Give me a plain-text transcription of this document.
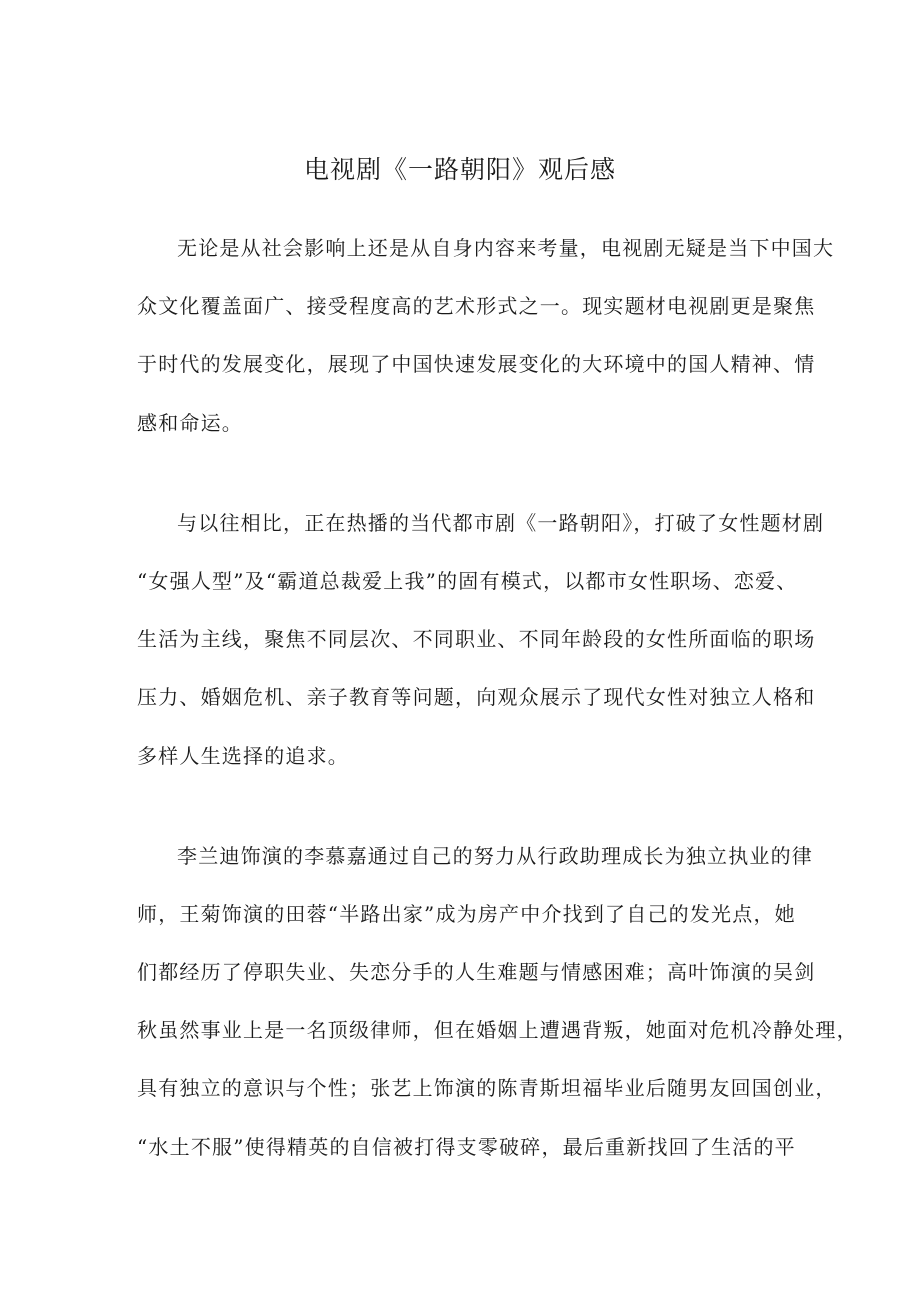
电视剧《一路朝阳》观后感
无论是从社会影响上还是从自身内容来考量，电视剧无疑是当下中国大
众文化覆盖面广、接受程度高的艺术形式之一。现实题材电视剧更是聚焦
于时代的发展变化，展现了中国快速发展变化的大环境中的国人精神、情
感和命运。
与以往相比，正在热播的当代都市剧《一路朝阳》，打破了女性题材剧
“女强人型”及“霸道总裁爱上我”的固有模式，以都市女性职场、恋爱、
生活为主线，聚焦不同层次、不同职业、不同年龄段的女性所面临的职场
压力、婚姻危机、亲子教育等问题，向观众展示了现代女性对独立人格和
多样人生选择的追求。
李兰迪饰演的李慕嘉通过自己的努力从行政助理成长为独立执业的律
师，王菊饰演的田蓉“半路出家”成为房产中介找到了自己的发光点，她
们都经历了停职失业、失恋分手的人生难题与情感困难；高叶饰演的吴剑
秋虽然事业上是一名顶级律师，但在婚姻上遭遇背叛，她面对危机冷静处理，
具有独立的意识与个性；张艺上饰演的陈青斯坦福毕业后随男友回国创业，
“水土不服”使得精英的自信被打得支零破碎，最后重新找回了生活的平
